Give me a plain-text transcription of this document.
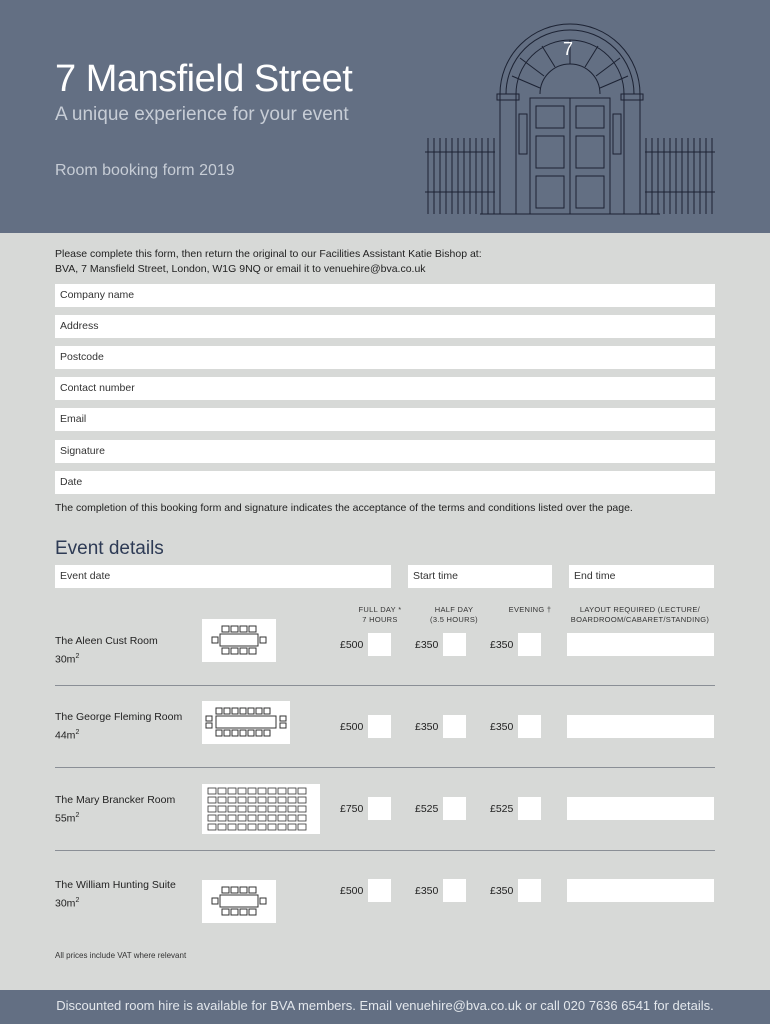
7 Mansfield Street
A unique experience for your event
Room booking form 2019
7
Please complete this form, then return the original to our Facilities Assistant Katie Bishop at:
BVA, 7 Mansfield Street, London, W1G 9NQ or email it to venuehire@bva.co.uk
Company name
Address
Postcode
Contact number
Email
Signature
Date
The completion of this booking form and signature indicates the acceptance of the terms and conditions listed over the page.
Event details
Event date	Start time	End time
FULL DAY *
7 HOURS
HALF DAY
(3.5 HOURS)
EVENING †	LAYOUT REQUIRED (LECTURE/
BOARDROOM/CABARET/STANDING)
The Aleen Cust Room
$30m^2$
£500	£350	£350
The George Fleming Room
$44m^2$	£500	£350	£350
The Mary Brancker Room
$55m^2$
£750	£525	£525
The William Hunting Suite
$30m^2$
£500	£350	£350
All prices include VAT where relevant
Discounted room hire is available for BVA members. Email venuehire@bva.co.uk or call 020 7636 6541 for details.
